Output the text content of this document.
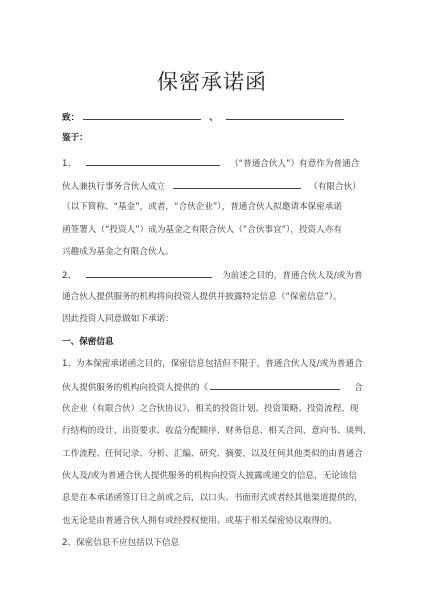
保密承诺函
致：	、
鉴于：
1、	（“普通合伙人”）有意作为普通合
伙人兼执行事务合伙人成立	（有限合伙）
（以下简称、“基金”，或者，“合伙企业”），普通合伙人拟邀请本保密承诺
函签署人（“投资人”）成为基金之有限合伙人（“合伙事宜”），投资人亦有
兴趣成为基金之有限合伙人。
2、	为前述之目的，普通合伙人及/或为普
通合伙人提供服务的机构将向投资人提供并披露特定信息（“保密信息”）。
因此投资人同意做如下承诺：
一、保密信息
1、为本保密承诺函之目的，保密信息包括但不限于，普通合伙人及/或为普通合
伙人提供服务的机构向投资人提供的《	合
伙企业（有限合伙）之合伙协议》、相关的投资计划、投资策略、投资流程、现
行结构的设计、出资要求、收益分配顺序、财务信息、相关合同、意向书、谈判、
工作流程、任何记录、分析、汇编、研究、摘要，以及任何其他类似的由普通合
伙人及/或为普通合伙人提供服务的机构向投资人披露或递交的信息，无论该信
息是在本承诺函签订日之前或之后，以口头、书面形式或者经其他渠道提供的，
也无论是由普通合伙人拥有或经授权使用、或基于相关保密协议取得的。
2、保密信息不应包括以下信息
